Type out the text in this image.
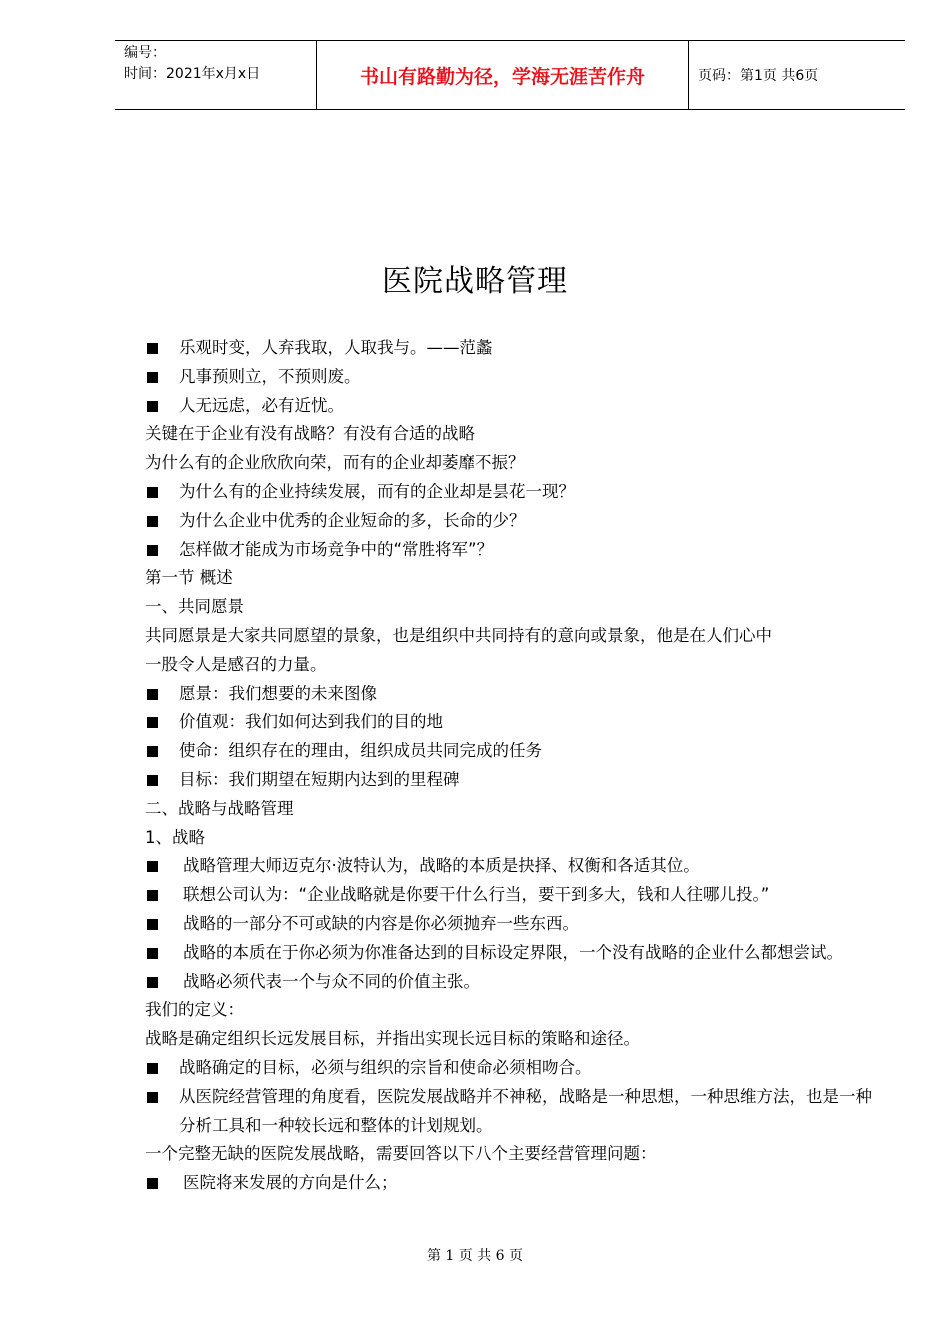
编号：
时间：2021年x月x日	书山有路勤为径，学海无涯苦作舟	页码：第1页 共6页
医院战略管理
乐观时变，人弃我取，人取我与。——范蠡
凡事预则立，不预则废。
人无远虑，必有近忧。
关键在于企业有没有战略？有没有合适的战略
为什么有的企业欣欣向荣，而有的企业却萎靡不振？
为什么有的企业持续发展，而有的企业却是昙花一现？
为什么企业中优秀的企业短命的多，长命的少？
怎样做才能成为市场竞争中的“常胜将军”？
第一节 概述
一、共同愿景
共同愿景是大家共同愿望的景象，也是组织中共同持有的意向或景象，他是在人们心中
一股令人是感召的力量。
愿景：我们想要的未来图像
价值观：我们如何达到我们的目的地
使命：组织存在的理由，组织成员共同完成的任务
目标：我们期望在短期内达到的里程碑
二、战略与战略管理
1、战略
战略管理大师迈克尔·波特认为，战略的本质是抉择、权衡和各适其位。
联想公司认为：“企业战略就是你要干什么行当，要干到多大，钱和人往哪儿投。”
战略的一部分不可或缺的内容是你必须抛弃一些东西。
战略的本质在于你必须为你准备达到的目标设定界限，一个没有战略的企业什么都想尝试。
战略必须代表一个与众不同的价值主张。
我们的定义：
战略是确定组织长远发展目标，并指出实现长远目标的策略和途径。
战略确定的目标，必须与组织的宗旨和使命必须相吻合。
从医院经营管理的角度看，医院发展战略并不神秘，战略是一种思想，一种思维方法，也是一种分析工具和一种较长远和整体的计划规划。
一个完整无缺的医院发展战略，需要回答以下八个主要经营管理问题：
医院将来发展的方向是什么；
第 1 页 共 6 页
